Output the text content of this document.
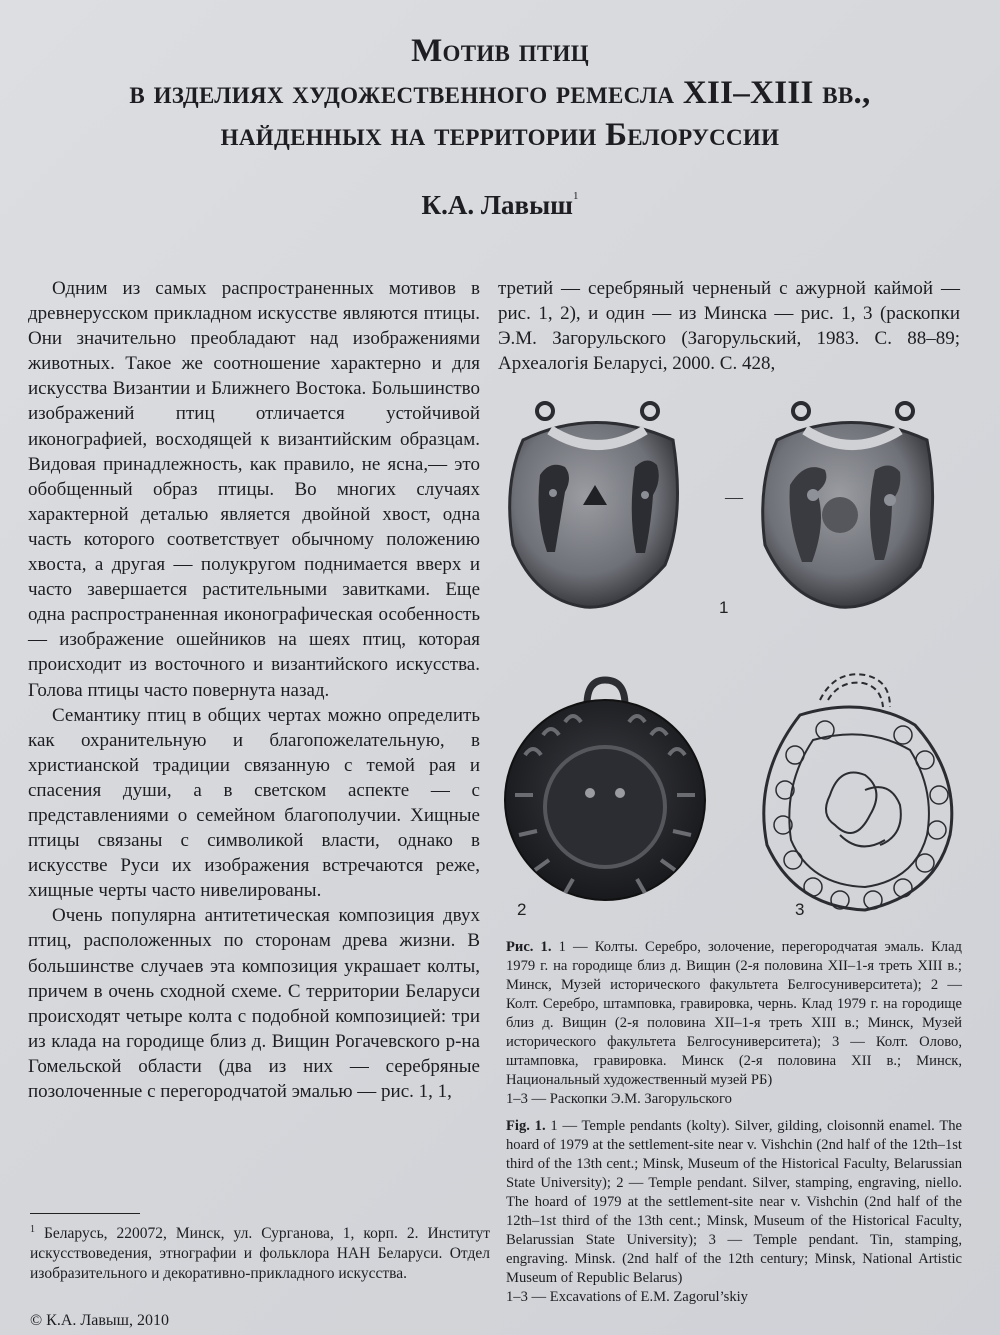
Мотив птиц
в изделиях художественного ремесла XII–XIII вв.,
найденных на территории Белоруссии
К.А. Лавыш$^1$

Одним из самых распространенных мотивов в древнерусском прикладном искусстве являются птицы. Они значительно преобладают над изображениями животных. Такое же соотношение характерно и для искусства Византии и Ближнего Востока. Большинство изображений птиц отличается устойчивой иконографией, восходящей к византийским образцам. Видовая принадлежность, как правило, не ясна,— это обобщенный образ птицы. Во многих случаях характерной деталью является двойной хвост, одна часть которого соответствует обычному положению хвоста, а другая — полукругом поднимается вверх и часто завершается растительными завитками. Еще одна распространенная иконографическая особенность — изображение ошейников на шеях птиц, которая происходит из восточного и византийского искусства. Голова птицы часто повернута назад.

Семантику птиц в общих чертах можно определить как охранительную и благопожелательную, в христианской традиции связанную с темой рая и спасения души, а в светском аспекте — с представлениями о семейном благополучии. Хищные птицы связаны с символикой власти, однако в искусстве Руси их изображения встречаются реже, хищные черты часто нивелированы.

Очень популярна антитетическая композиция двух птиц, расположенных по сторонам древа жизни. В большинстве случаев эта композиция украшает колты, причем в очень сходной схеме. С территории Беларуси происходят четыре колта с подобной композицией: три из клада на городище близ д. Вищин Рогачевского р-на Гомельской области (два из них — серебряные позолоченные с перегородчатой эмалью — рис. 1, 1,

третий — серебряный черненый с ажурной каймой — рис. 1, 2), и один — из Минска — рис. 1, 3 (раскопки Э.М. Загорульского (Загорульский, 1983. С. 88–89; Археалогія Беларусі, 2000. С. 428,

—
1
2	3

Рис. 1. 1 — Колты. Серебро, золочение, перегородчатая эмаль. Клад 1979 г. на городище близ д. Вищин (2-я половина XII–1-я треть XIII в.; Минск, Музей исторического факультета Белгосуниверситета); 2 — Колт. Серебро, штамповка, гравировка, чернь. Клад 1979 г. на городище близ д. Вищин (2-я половина XII–1-я треть XIII в.; Минск, Музей исторического факультета Белгосуниверситета); 3 — Колт. Олово, штамповка, гравировка. Минск (2-я половина XII в.; Минск, Национальный художественный музей РБ)

1–3 — Раскопки Э.М. Загорульского

Fig. 1. 1 — Temple pendants (kolty). Silver, gilding, cloisonnй enamel. The hoard of 1979 at the settlement-site near v. Vishchin (2nd half of the 12th–1st third of the 13th cent.; Minsk, Museum of the Historical Faculty, Belarussian State University); 2 — Temple pendant. Silver, stamping, engraving, niello. The hoard of 1979 at the settlement-site near v. Vishchin (2nd half of the 12th–1st third of the 13th cent.; Minsk, Museum of the Historical Faculty, Belarussian State University); 3 — Temple pendant. Tin, stamping, engraving. Minsk. (2nd half of the 12th century; Minsk, National Artistic Museum of Republic Belarus)

1–3 — Excavations of E.M. Zagorul’skiy

$^1$ Беларусь, 220072, Минск, ул. Сурганова, 1, корп. 2. Институт искусствоведения, этнографии и фольклора НАН Беларуси. Отдел изобразительного и декоративно-прикладного искусства.
© К.А. Лавыш, 2010
